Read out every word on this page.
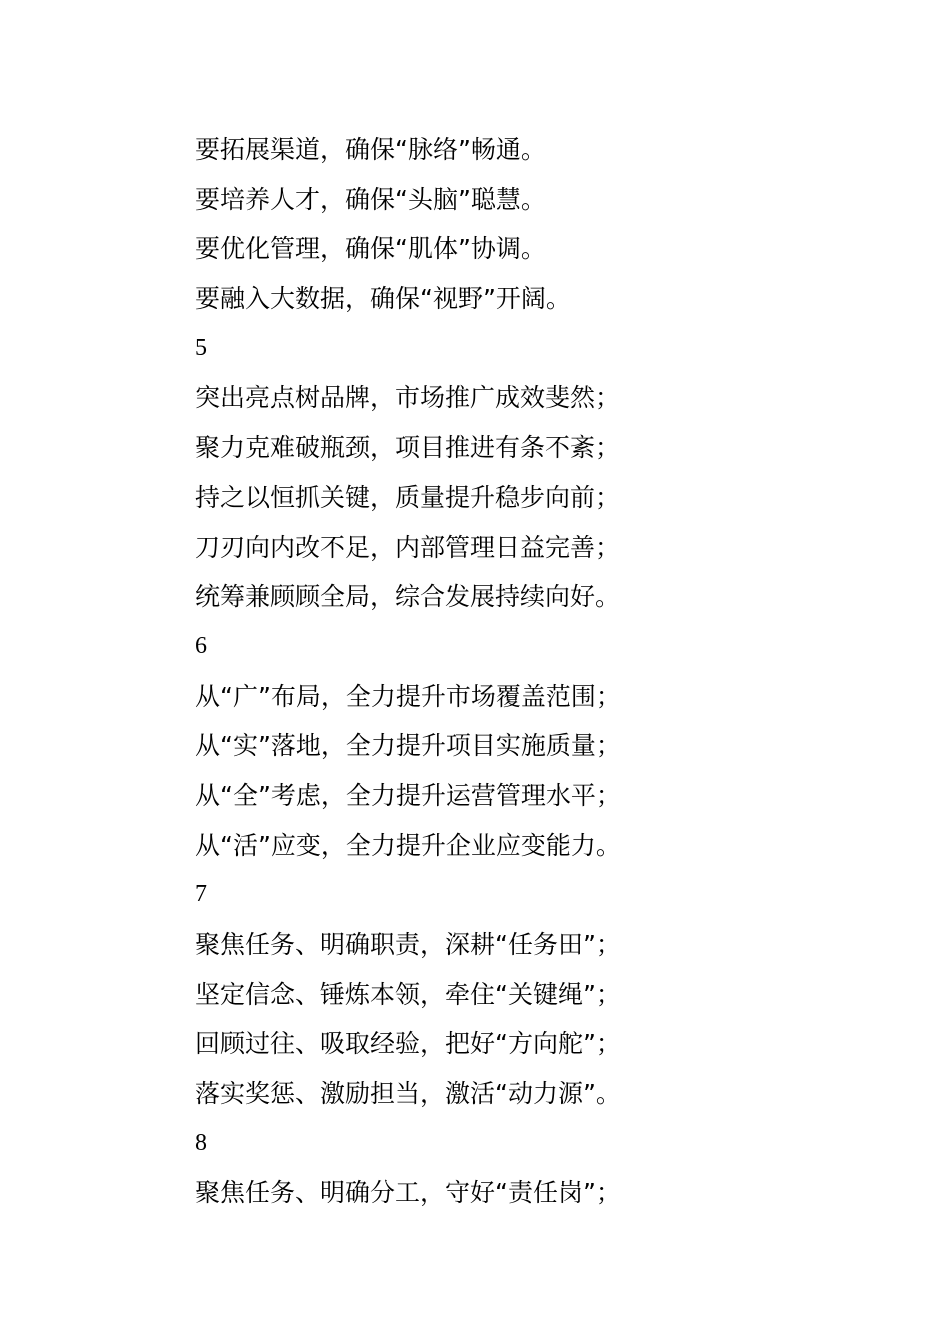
要拓展渠道，确保“脉络”畅通。
要培养人才，确保“头脑”聪慧。
要优化管理，确保“肌体”协调。
要融入大数据，确保“视野”开阔。
5
突出亮点树品牌，市场推广成效斐然；
聚力克难破瓶颈，项目推进有条不紊；
持之以恒抓关键，质量提升稳步向前；
刀刃向内改不足，内部管理日益完善；
统筹兼顾顾全局，综合发展持续向好。
6
从“广”布局，全力提升市场覆盖范围；
从“实”落地，全力提升项目实施质量；
从“全”考虑，全力提升运营管理水平；
从“活”应变，全力提升企业应变能力。
7
聚焦任务、明确职责，深耕“任务田”；
坚定信念、锤炼本领，牵住“关键绳”；
回顾过往、吸取经验，把好“方向舵”；
落实奖惩、激励担当，激活“动力源”。
8
聚焦任务、明确分工，守好“责任岗”；
